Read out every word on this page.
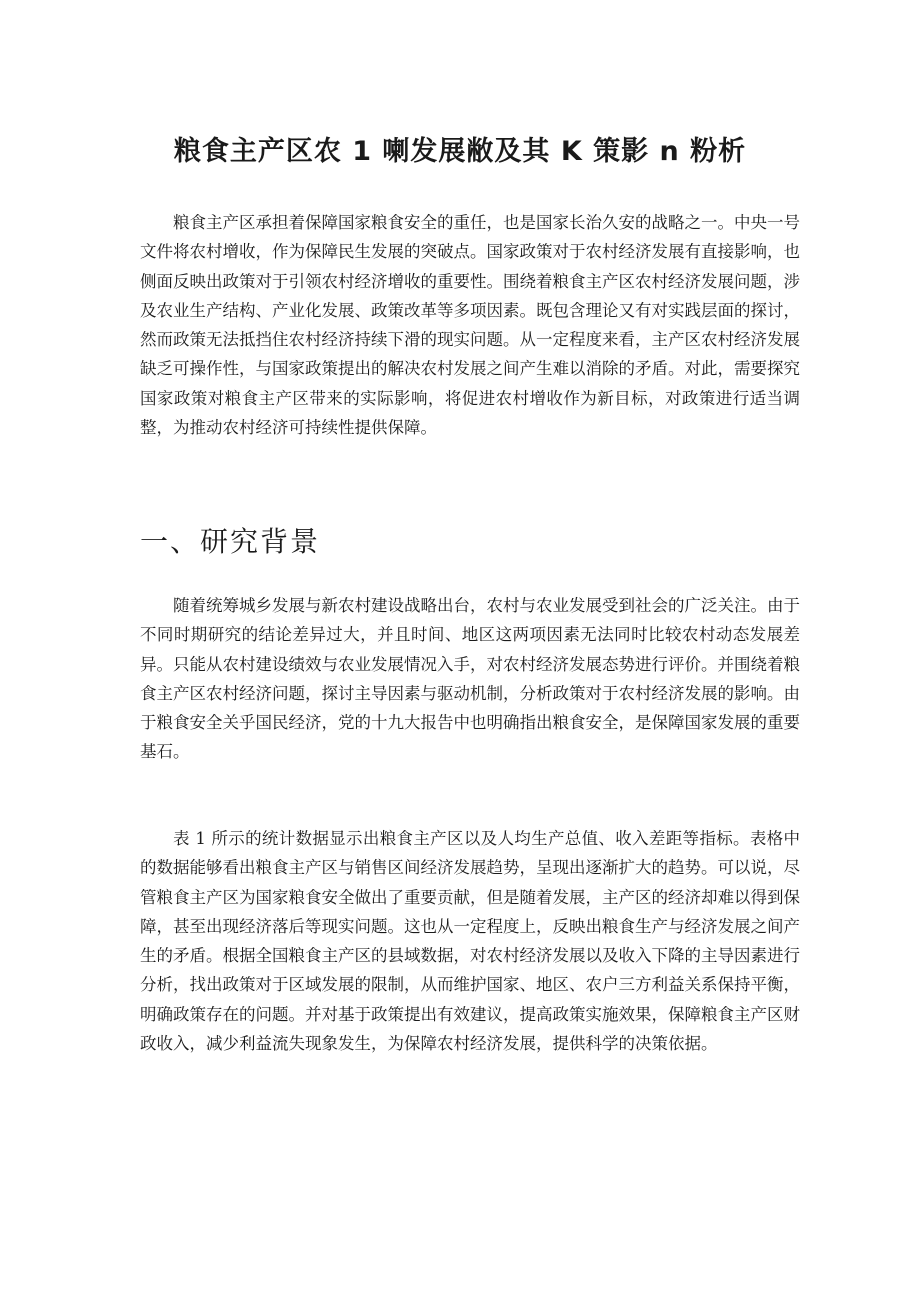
粮食主产区农 1 喇发展敝及其 K 策影 n 粉析

粮食主产区承担着保障国家粮食安全的重任，也是国家长治久安的战略之一。中央一号文件将农村增收，作为保障民生发展的突破点。国家政策对于农村经济发展有直接影响，也侧面反映出政策对于引领农村经济增收的重要性。围绕着粮食主产区农村经济发展问题，涉及农业生产结构、产业化发展、政策改革等多项因素。既包含理论又有对实践层面的探讨，然而政策无法抵挡住农村经济持续下滑的现实问题。从一定程度来看，主产区农村经济发展缺乏可操作性，与国家政策提出的解决农村发展之间产生难以消除的矛盾。对此，需要探究国家政策对粮食主产区带来的实际影响，将促进农村增收作为新目标，对政策进行适当调整，为推动农村经济可持续性提供保障。

一、研究背景

随着统筹城乡发展与新农村建设战略出台，农村与农业发展受到社会的广泛关注。由于不同时期研究的结论差异过大，并且时间、地区这两项因素无法同时比较农村动态发展差异。只能从农村建设绩效与农业发展情况入手，对农村经济发展态势进行评价。并围绕着粮食主产区农村经济问题，探讨主导因素与驱动机制，分析政策对于农村经济发展的影响。由于粮食安全关乎国民经济，党的十九大报告中也明确指出粮食安全，是保障国家发展的重要基石。

表 1 所示的统计数据显示出粮食主产区以及人均生产总值、收入差距等指标。表格中的数据能够看出粮食主产区与销售区间经济发展趋势，呈现出逐渐扩大的趋势。可以说，尽管粮食主产区为国家粮食安全做出了重要贡献，但是随着发展，主产区的经济却难以得到保障，甚至出现经济落后等现实问题。这也从一定程度上，反映出粮食生产与经济发展之间产生的矛盾。根据全国粮食主产区的县域数据，对农村经济发展以及收入下降的主导因素进行分析，找出政策对于区域发展的限制，从而维护国家、地区、农户三方利益关系保持平衡，明确政策存在的问题。并对基于政策提出有效建议，提高政策实施效果，保障粮食主产区财政收入，减少利益流失现象发生，为保障农村经济发展，提供科学的决策依据。
